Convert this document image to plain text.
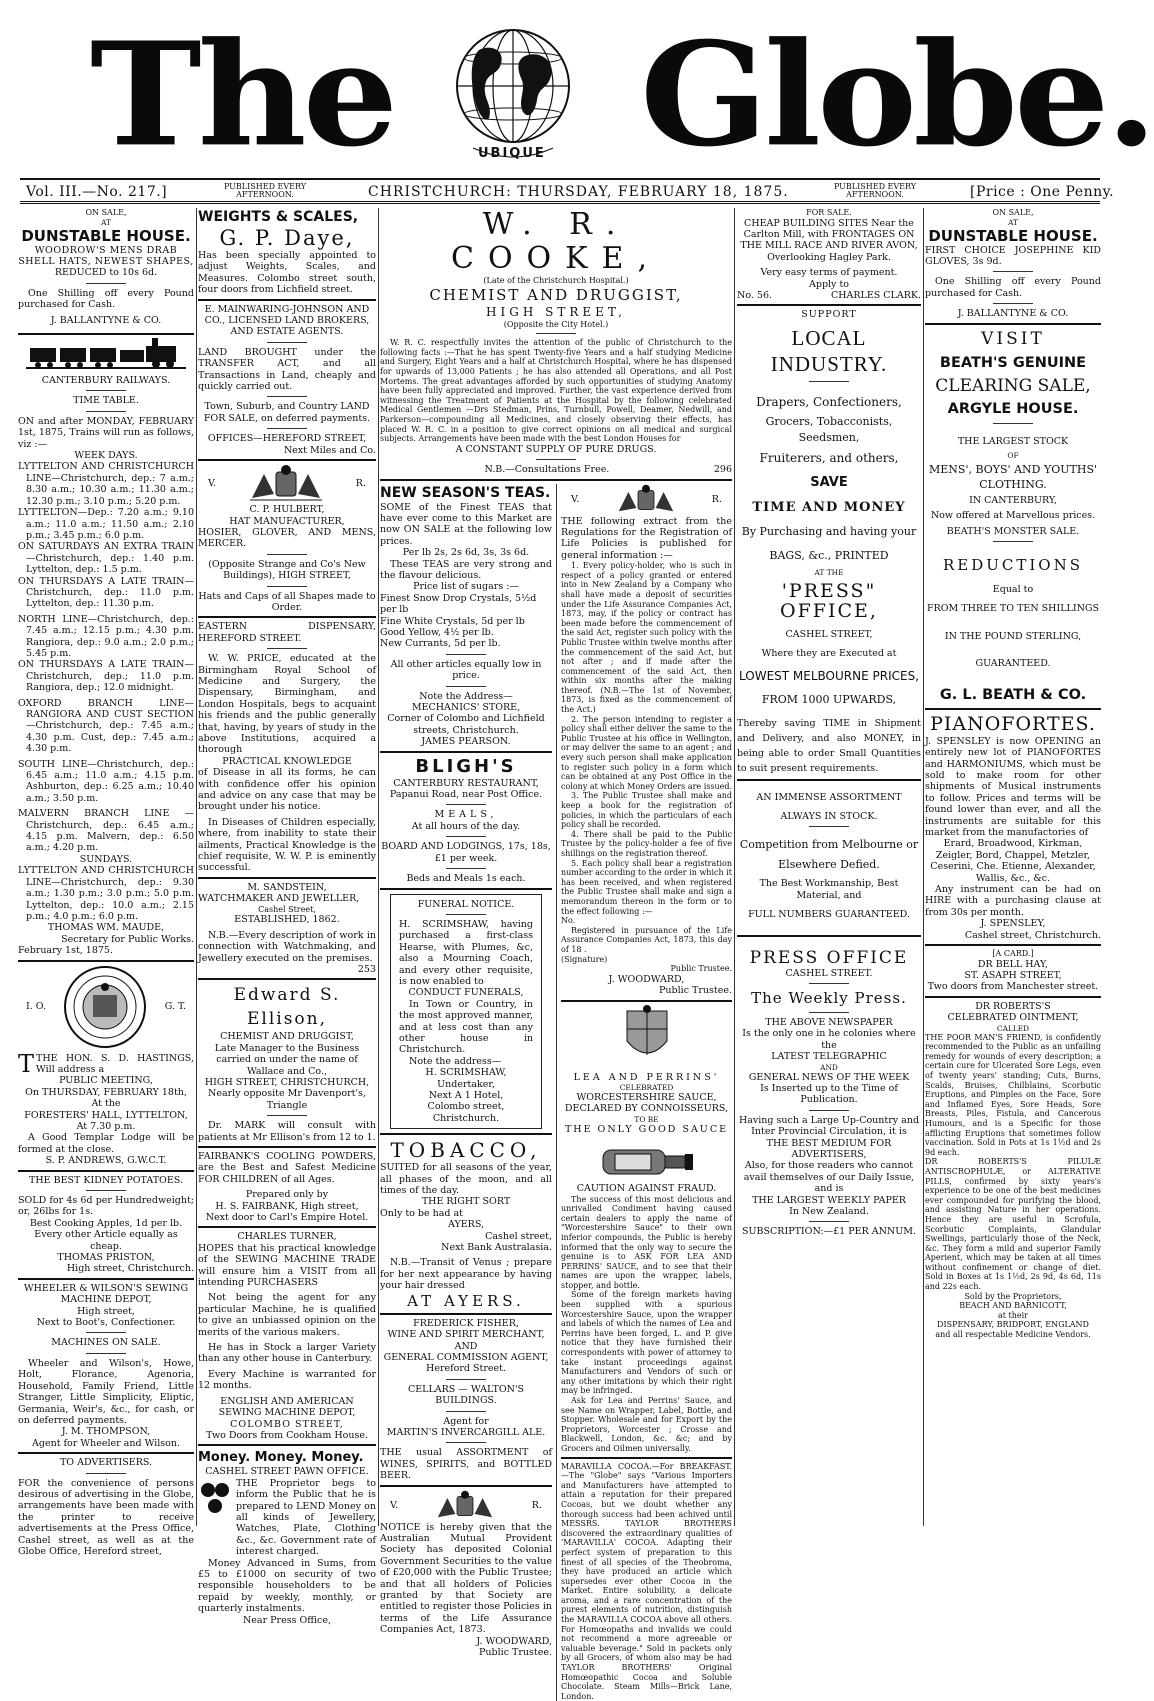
The	UBIQUE Globe.
Vol. III.—No. 217.]	PUBLISHED EVERY AFTERNOON.	CHRISTCHURCH: THURSDAY, FEBRUARY 18, 1875.	PUBLISHED EVERY AFTERNOON.	[Price : One Penny.

ON SALE,

AT

DUNSTABLE HOUSE.

WOODROW'S MENS DRAB SHELL HATS, NEWEST SHAPES,

REDUCED to 10s 6d.

One Shilling off every Pound purchased for Cash.

J. BALLANTYNE & CO.

CANTERBURY RAILWAYS.

TIME TABLE.

ON and after MONDAY, FEBRUARY 1st, 1875, Trains will run as follows, viz :—

WEEK DAYS.

LYTTELTON AND CHRISTCHURCH LINE—Christchurch, dep.: 7 a.m.; 8.30 a.m.; 10.30 a.m.; 11.30 a.m.; 12.30 p.m.; 3.10 p.m.; 5.20 p.m.

LYTTELTON—Dep.: 7.20 a.m.; 9.10 a.m.; 11.0 a.m.; 11.50 a.m.; 2.10 p.m.; 3.45 p.m.; 6.0 p.m.

ON SATURDAYS AN EXTRA TRAIN—Christchurch, dep.: 1.40 p.m. Lyttelton, dep.: 1.5 p.m.

ON THURSDAYS A LATE TRAIN—Christchurch, dep.: 11.0 p.m. Lyttelton, dep.: 11.30 p.m.

NORTH LINE—Christchurch, dep.: 7.45 a.m.; 12.15 p.m.; 4.30 p.m. Rangiora, dep.: 9.0 a.m.; 2.0 p.m.; 5.45 p.m.

ON THURSDAYS A LATE TRAIN—Christchurch, dep.; 11.0 p.m. Rangiora, dep.; 12.0 midnight.

OXFORD BRANCH LINE—RANGIORA AND CUST SECTION—Christchurch, dep.: 7.45 a.m.; 4.30 p.m. Cust, dep.: 7.45 a.m.; 4.30 p.m.

SOUTH LINE—Christchurch, dep.: 6.45 a.m.; 11.0 a.m.; 4.15 p.m. Ashburton, dep.: 6.25 a.m.; 10.40 a.m.; 3.50 p.m.

MALVERN BRANCH LINE — Christchurch, dep.: 6.45 a.m.; 4.15 p.m. Malvern, dep.: 6.50 a.m.; 4.20 p.m.

SUNDAYS.

LYTTELTON AND CHRISTCHURCH LINE—Christchurch, dep.: 9.30 a.m.; 1.30 p.m.; 3.0 p.m.; 5.0 p.m. Lyttelton, dep.: 10.0 a.m.; 2.15 p.m.; 4.0 p.m.; 6.0 p.m.

THOMAS WM. MAUDE,

Secretary for Public Works.

February 1st, 1875.

I. O.	G. T.

TTHE HON. S. D. HASTINGS, Will address a

PUBLIC MEETING,

On THURSDAY, FEBRUARY 18th,

At the

FORESTERS' HALL, LYTTELTON,

At 7.30 p.m.

A Good Templar Lodge will be formed at the close.

S. P. ANDREWS, G.W.C.T.

THE BEST KIDNEY POTATOES.

SOLD for 4s 6d per Hundredweight; or, 26lbs for 1s.

Best Cooking Apples, 1d per lb.

Every other Article equally as cheap.

THOMAS PRISTON,

High street, Christchurch.

WHEELER & WILSON'S SEWING MACHINE DEPOT,

High street,

Next to Boot's, Confectioner.

MACHINES ON SALE.

Wheeler and Wilson's, Howe, Holt, Florance, Agenoria, Household, Family Friend, Little Stranger, Little Simplicity, Eliptic, Germania, Weir's, &c., for cash, or on deferred payments.

J. M. THOMPSON,

Agent for Wheeler and Wilson.

TO ADVERTISERS.

FOR the convenience of persons desirous of advertising in the Globe, arrangements have been made with the printer to receive advertisements at the Press Office, Cashel street, as well as at the Globe Office, Hereford street,

WEIGHTS & SCALES,

G. P. Daye,

Has been specially appointed to adjust Weights, Scales, and Measures. Colombo street south, four doors from Lichfield street.

E. MAINWARING-JOHNSON AND CO., LICENSED LAND BROKERS, AND ESTATE AGENTS.

LAND BROUGHT under the TRANSFER ACT, and all Transactions in Land, cheaply and quickly carried out.

Town, Suburb, and Country LAND FOR SALE, on deferred payments.

OFFICES—HEREFORD STREET,

Next Miles and Co.

V.	R.

C. P. HULBERT,

HAT MANUFACTURER,

HOSIER, GLOVER, AND MENS, MERCER.

(Opposite Strange and Co's New Buildings), HIGH STREET,

Hats and Caps of all Shapes made to Order.

EASTERN DISPENSARY, HEREFORD STREET.

W. W. PRICE, educated at the Birmingham Royal School of Medicine and Surgery, the Dispensary, Birmingham, and London Hospitals, begs to acquaint his friends and the public generally that, having, by years of study in the above Institutions, acquired a thorough

PRACTICAL KNOWLEDGE

of Disease in all its forms, he can with confidence offer his opinion and advice on any case that may be brought under his notice.

In Diseases of Children especially, where, from inability to state their ailments, Practical Knowledge is the chief requisite, W. W. P. is eminently successful.

M. SANDSTEIN,

WATCHMAKER AND JEWELLER,

Cashel Street,

ESTABLISHED, 1862.

N.B.—Every description of work in connection with Watchmaking, and Jewellery executed on the premises.

253

Edward S. Ellison,

CHEMIST AND DRUGGIST,

Late Manager to the Business carried on under the name of Wallace and Co.,

HIGH STREET, CHRISTCHURCH,

Nearly opposite Mr Davenport's, Triangle

Dr. MARK will consult with patients at Mr Ellison's from 12 to 1.

FAIRBANK'S COOLING POWDERS, are the Best and Safest Medicine FOR CHILDREN of all Ages.

Prepared only by

H. S. FAIRBANK, High street,

Next door to Carl's Empire Hotel.

CHARLES TURNER,

HOPES that his practical knowledge of the SEWING MACHINE TRADE will ensure him a VISIT from all intending PURCHASERS

Not being the agent for any particular Machine, he is qualified to give an unbiassed opinion on the merits of the various makers.

He has in Stock a larger Variety than any other house in Canterbury.

Every Machine is warranted for 12 months.

ENGLISH AND AMERICAN SEWING MACHINE DEPOT,

COLOMBO STREET,

Two Doors from Cookham House.

Money. Money. Money.

CASHEL STREET PAWN OFFICE.

THE Proprietor begs to inform the Public that he is prepared to LEND Money on all kinds of Jewellery, Watches, Plate, Clothing &c., &c. Government rate of interest charged.

Money Advanced in Sums, from £5 to £1000 on security of two responsible householders to be repaid by weekly, monthly, or quarterly instalments.

Near Press Office,

W. R. COOKE,

(Late of the Christchurch Hospital.)

CHEMIST AND DRUGGIST,

HIGH STREET,

(Opposite the City Hotel.)

W. R. C. respectfully invites the attention of the public of Christchurch to the following facts :—That he has spent Twenty-five Years and a half studying Medicine and Surgery, Eight Years and a half at Christchurch Hospital, where he has dispensed for upwards of 13,000 Patients ; he has also attended all Operations, and all Post Mortems. The great advantages afforded by such opportunities of studying Anatomy have been fully appreciated and improved. Further, the vast experience derived from witnessing the Treatment of Patients at the Hospital by the following celebrated Medical Gentlemen —Drs Stedman, Prins, Turnbull, Powell, Deamer, Nedwill, and Parkerson—compounding all Medicines, and closely observing their effects, has placed W. R. C. in a position to give correct opinions on all medical and surgical subjects. Arrangements have been made with the best London Houses for

A CONSTANT SUPPLY OF PURE DRUGS.

N.B.—Consultations Free.	296

NEW SEASON'S TEAS.

SOME of the Finest TEAS that have ever come to this Market are now ON SALE at the following low prices.

Per lb 2s, 2s 6d, 3s, 3s 6d.

These TEAS are very strong and the flavour delicious.

Price list of sugars :—

Finest Snow Drop Crystals, 5½d per lb

Fine White Crystals, 5d per lb

Good Yellow, 4½ per lb.

New Currants, 5d per lb.

All other articles equally low in price.

Note the Address—

MECHANICS' STORE,

Corner of Colombo and Lichfield streets, Christchurch.

JAMES PEARSON.

BLIGH'S

CANTERBURY RESTAURANT,

Papanui Road, near Post Office.

MEALS,

At all hours of the day.

BOARD AND LODGINGS, 17s, 18s, £1 per week.

Beds and Meals 1s each.

FUNERAL NOTICE.

H. SCRIMSHAW, having purchased a first-class Hearse, with Plumes, &c, also a Mourning Coach, and every other requisite, is now enabled to

CONDUCT FUNERALS,

In Town or Country, in the most approved manner, and at less cost than any other house in Christchurch.

Note the address—

H. SCRIMSHAW, Undertaker,

Next A 1 Hotel,

Colombo street, Christchurch.

TOBACCO,

SUITED for all seasons of the year, all phases of the moon, and all times of the day.

THE RIGHT SORT

Only to be had at

AYERS,

Cashel street,

Next Bank Australasia.

N.B.—Transit of Venus ; prepare for her next appearance by having your hair dressed

AT AYERS.

FREDERICK FISHER,

WINE AND SPIRIT MERCHANT, AND

GENERAL COMMISSION AGENT,

Hereford Street.

CELLARS — WALTON'S BUILDINGS.

Agent for

MARTIN'S INVERCARGILL ALE.

THE usual ASSORTMENT of WINES, SPIRITS, and BOTTLED BEER.

V.	R.

NOTICE is hereby given that the Australian Mutual Provident Society has deposited Colonial Government Securities to the value of £20,000 with the Public Trustee; and that all holders of Policies granted by that Society are entitled to register those Policies in terms of the Life Assurance Companies Act, 1873.

J. WOODWARD,

Public Trustee.

V.	R.

THE following extract from the Regulations for the Registration of Life Policies is published for general information :—

1. Every policy-holder, who is such in respect of a policy granted or entered into in New Zealand by a Company who shall have made a deposit of securities under the Life Assurance Companies Act, 1873, may, if the policy or contract has been made before the commencement of the said Act, register such policy with the Public Trustee within twelve months after the commencement of the said Act, but not after ; and if made after the commencement of the said Act, then within six months after the making thereof. (N.B.—The 1st of November, 1873, is fixed as the commencement of the Act.)

2. The person intending to register a policy shall either deliver the same to the Public Trustee at his office in Wellington, or may deliver the same to an agent ; and every such person shall make application to register such policy in a form which can be obtained at any Post Office in the colony at which Money Orders are issued.

3. The Public Trustee shall make and keep a book for the registration of policies, in which the particulars of each policy shall be recorded.

4. There shall be paid to the Public Trustee by the policy-holder a fee of five shillings on the registration thereof.

5. Each policy shall bear a registration number according to the order in which it has been received, and when registered the Public Trustee shall make and sign a memorandum thereon in the form or to the effect following :—

No.

Registered in pursuance of the Life Assurance Companies Act, 1873, this day of 18 .

(Signature)

Public Trustee.

J. WOODWARD,

Public Trustee.

LEA AND PERRINS'

CELEBRATED

WORCESTERSHIRE SAUCE,

DECLARED BY CONNOISSEURS,

TO BE

THE ONLY GOOD SAUCE

CAUTION AGAINST FRAUD.

The success of this most delicious and unrivalled Condiment having caused certain dealers to apply the name of "Worcestershire Sauce" to their own inferior compounds, the Public is hereby informed that the only way to secure the genuine is to ASK FOR LEA AND PERRINS' SAUCE, and to see that their names are upon the wrapper, labels, stopper, and bottle.

Some of the foreign markets having been supplied with a spurious Worcestershire Sauce, upon the wrapper and labels of which the names of Lea and Perrins have been forged, L. and P. give notice that they have furnished their correspondents with power of attorney to take instant proceedings against Manufacturers and Vendors of such or any other imitations by which their right may be infringed.

Ask for Lea and Perrins' Sauce, and see Name on Wrapper, Label, Bottle, and Stopper. Wholesale and for Export by the Proprietors, Worcester ; Crosse and Blackwell, London, &c. &c; and by Grocers and Oilmen universally.

MARAVILLA COCOA.—For BREAKFAST.—The "Globe" says "Various Importers and Manufacturers have attempted to attain a reputation for their prepared Cocoas, but we doubt whether any thorough success had been achived until MESSRS. TAYLOR BROTHERS discovered the extraordinary qualities of 'MARAVILLA' COCOA. Adapting their perfect system of preparation to this finest of all species of the Theobroma, they have produced an article which supersedes ever other Cocoa in the Market. Entire solubility, a delicate aroma, and a rare concentration of the purest elements of nutrition, distinguish the MARAVILLA COCOA above all others. For Homœopaths and invalids we could not recommend a more agreeable or valuable beverage." Sold in packets only by all Grocers, of whom also may be had TAYLOR BROTHERS' Original Homœopathic Cocoa and Soluble Chocolate. Steam Mills—Brick Lane, London.

FOR SALE.

CHEAP BUILDING SITES Near the Carlton Mill, with FRONTAGES ON THE MILL RACE AND RIVER AVON, Overlooking Hagley Park.

Very easy terms of payment.

Apply to

No. 56.	CHARLES CLARK.

SUPPORT

LOCAL INDUSTRY.

Drapers, Confectioners,

Grocers, Tobacconists, Seedsmen,

Fruiterers, and others,

SAVE

TIME AND MONEY

By Purchasing and having your

BAGS, &c., PRINTED

AT THE

'PRESS" OFFICE,

CASHEL STREET,

Where they are Executed at

LOWEST MELBOURNE PRICES,

FROM 1000 UPWARDS,

Thereby saving TIME in Shipment and Delivery, and also MONEY, in being able to order Small Quantities to suit present requirements.

AN IMMENSE ASSORTMENT

ALWAYS IN STOCK.

Competition from Melbourne or

Elsewhere Defied.

The Best Workmanship, Best Material, and

FULL NUMBERS GUARANTEED.

PRESS OFFICE

CASHEL STREET.

The Weekly Press.

THE ABOVE NEWSPAPER

Is the only one in he colonies where the

LATEST TELEGRAPHIC

AND

GENERAL NEWS OF THE WEEK

Is Inserted up to the Time of Publication.

Having such a Large Up-Country and Inter Provincial Circulation, it is

THE BEST MEDIUM FOR ADVERTISERS,

Also, for those readers who cannot avail themselves of our Daily Issue, and is

THE LARGEST WEEKLY PAPER

In New Zealand.

SUBSCRIPTION:—£1 PER ANNUM.

ON SALE,

AT

DUNSTABLE HOUSE.

FIRST CHOICE JOSEPHINE KID GLOVES, 3s 9d.

One Shilling off every Pound purchased for Cash.

J. BALLANTYNE & CO.

VISIT

BEATH'S GENUINE

CLEARING SALE,

ARGYLE HOUSE.

THE LARGEST STOCK

OF

MENS', BOYS' AND YOUTHS'

CLOTHING.

IN CANTERBURY,

Now offered at Marvellous prices.

BEATH'S MONSTER SALE.

REDUCTIONS

Equal to

FROM THREE TO TEN SHILLINGS

IN THE POUND STERLING,

GUARANTEED.

G. L. BEATH & CO.

PIANOFORTES.

J. SPENSLEY is now OPENING an entirely new lot of PIANOFORTES and HARMONIUMS, which must be sold to make room for other shipments of Musical instruments to follow. Prices and terms will be found lower than ever, and all the instruments are suitable for this market from the manufactories of

Erard, Broadwood, Kirkman, Zeigler, Bord, Chappel, Metzler, Ceserini, Che. Etienne, Alexander, Wallis, &c., &c.

Any instrument can be had on HIRE with a purchasing clause at from 30s per month.

J. SPENSLEY,

Cashel street, Christchurch.

[A CARD.]

DR BELL HAY,

ST. ASAPH STREET,

Two doors from Manchester street.

DR ROBERTS'S

CELEBRATED OINTMENT,

CALLED

THE POOR MAN'S FRIEND, is confidently recommended to the Public as an unfailing remedy for wounds of every description; a certain cure for Ulcerated Sore Legs, even of twenty years' standing; Cuts, Burns, Scalds, Bruises, Chilblains, Scorbutic Eruptions, and Pimples on the Face, Sore and Inflamed Eyes, Sore Heads, Sore Breasts, Piles, Fistula, and Cancerous Humours, and is a Specific for those afflicting Eruptions that sometimes follow vaccination. Sold in Pots at 1s 1½d and 2s 9d each.

DR ROBERTS'S PILULÆ ANTISCROPHULÆ, or ALTERATIVE PILLS, confirmed by sixty years's experience to be one of the best medicines ever compounded for purifying the blood, and assisting Nature in her operations. Hence they are useful in Scrofula, Scorbutic Complaints, Glandular Swellings, particularly those of the Neck, &c. They form a mild and superior Family Aperient, which may be taken at all times without confinement or change of diet. Sold in Boxes at 1s 1½d, 2s 9d, 4s 6d, 11s and 22s each.

Sold by the Proprietors,

BEACH AND BARNICOTT,

at their

DISPENSARY, BRIDPORT, ENGLAND

and all respectable Medicine Vendors.
